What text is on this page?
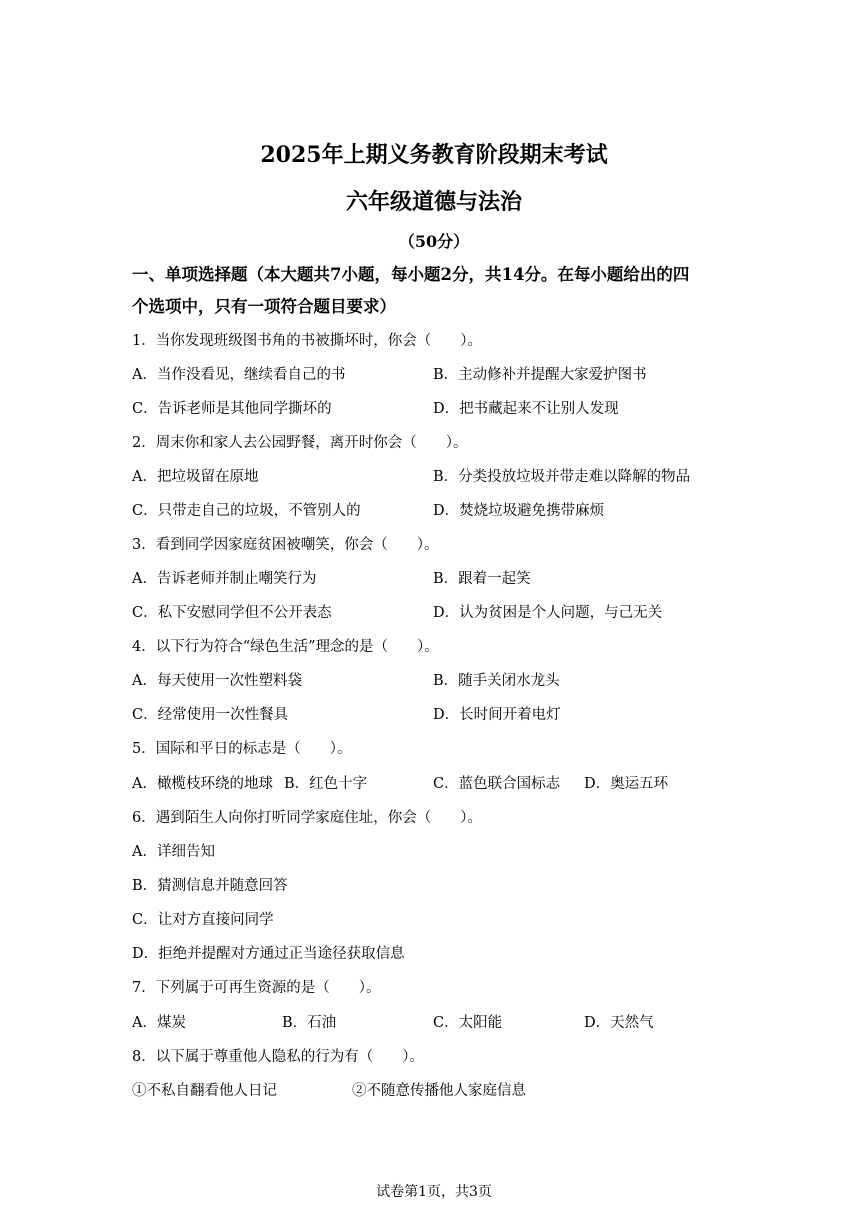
2025年上期义务教育阶段期末考试
六年级道德与法治
（50分）
一、单项选择题（本大题共7小题，每小题2分，共14分。在每小题给出的四
个选项中，只有一项符合题目要求）
1．当你发现班级图书角的书被撕坏时，你会（　　）。
A．当作没看见，继续看自己的书	B．主动修补并提醒大家爱护图书
C．告诉老师是其他同学撕坏的	D．把书藏起来不让别人发现
2．周末你和家人去公园野餐，离开时你会（　　）。
A．把垃圾留在原地	B．分类投放垃圾并带走难以降解的物品
C．只带走自己的垃圾，不管别人的	D．焚烧垃圾避免携带麻烦
3．看到同学因家庭贫困被嘲笑，你会（　　）。
A．告诉老师并制止嘲笑行为	B．跟着一起笑
C．私下安慰同学但不公开表态	D．认为贫困是个人问题，与己无关
4．以下行为符合“绿色生活”理念的是（　　）。
A．每天使用一次性塑料袋	B．随手关闭水龙头
C．经常使用一次性餐具	D．长时间开着电灯
5．国际和平日的标志是（　　）。
A．橄榄枝环绕的地球 B．红色十字	C．蓝色联合国标志 D．奥运五环
6．遇到陌生人向你打听同学家庭住址，你会（　　）。
A．详细告知
B．猜测信息并随意回答
C．让对方直接问同学
D．拒绝并提醒对方通过正当途径获取信息
7．下列属于可再生资源的是（　　）。
A．煤炭	B．石油	C．太阳能	D．天然气
8．以下属于尊重他人隐私的行为有（　　）。
①不私自翻看他人日记	②不随意传播他人家庭信息
试卷第1页，共3页
